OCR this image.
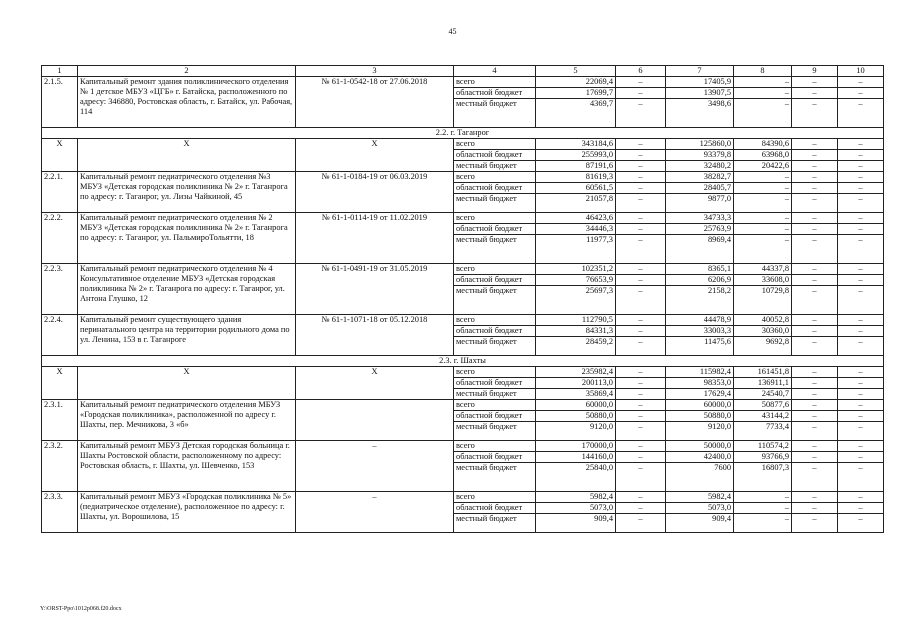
45
1	2	3	4	5	6	7	8	9	10
2.1.5.	Капитальный ремонт здания поликлинического отделения № 1 детское МБУЗ «ЦГБ» г. Батайска, расположенного по адресу: 346880, Ростовская область, г. Батайск, ул. Рабочая, 114	№ 61-1-0542-18 от 27.06.2018	всего	22069,4	–	17405,9	–	–	–
			областной бюджет	17699,7	–	13907,5	–	–	–
			местный бюджет	4369,7	–	3498,6	–	–	–
2.2. г. Таганрог									
Х	Х	Х	всего	343184,6	–	125860,0	84390,6	–	–
			областной бюджет	255993,0	–	93379,8	63968,0	–	–
			местный бюджет	87191,6	–	32480,2	20422,6	–	–
2.2.1.	Капитальный ремонт педиатрического отделения №3 МБУЗ «Детская городская поликлиника № 2» г. Таганрога по адресу: г. Таганрог, ул. Лизы Чайкиной, 45	№ 61-1-0184-19 от 06.03.2019	всего	81619,3	–	38282,7	–	–	–
			областной бюджет	60561,5	–	28405,7	–	–	–
			местный бюджет	21057,8	–	9877,0	–	–	–
2.2.2.	Капитальный ремонт педиатрического отделения № 2 МБУЗ «Детская городская поликлиника № 2» г. Таганрога по адресу: г. Таганрог, ул. ПальмироТольятти, 18	№ 61-1-0114-19 от 11.02.2019	всего	46423,6	–	34733,3	–	–	–
			областной бюджет	34446,3	–	25763,9	–	–	–
			местный бюджет	11977,3	–	8969,4	–	–	–
2.2.3.	Капитальный ремонт педиатрического отделения № 4 Консультативное отделение МБУЗ «Детская городская поликлиника № 2» г. Таганрога по адресу: г. Таганрог, ул. Антона Глушко, 12	№ 61-1-0491-19 от 31.05.2019	всего	102351,2	–	8365,1	44337,8	–	–
			областной бюджет	76653,9	–	6206,9	33608,0	–	–
			местный бюджет	25697,3	–	2158,2	10729,8	–	–
2.2.4.	Капитальный ремонт существующего здания перинатального центра на территории родильного дома по ул. Ленина, 153 в г. Таганроге	№ 61-1-1071-18 от 05.12.2018	всего	112790,5	–	44478,9	40052,8	–	–
			областной бюджет	84331,3	–	33003,3	30360,0	–	–
			местный бюджет	28459,2	–	11475,6	9692,8	–	–
2.3. г. Шахты									
Х	Х	Х	всего	235982,4	–	115982,4	161451,8	–	–
			областной бюджет	200113,0	–	98353,0	136911,1	–	–
			местный бюджет	35869,4	–	17629,4	24540,7	–	–
2.3.1.	Капитальный ремонт педиатрического отделения МБУЗ «Городская поликлиника», расположенной по адресу г. Шахты, пер. Мечникова, 3 «б»		всего	60000,0	–	60000,0	50877,6	–	–
			областной бюджет	50880,0	–	50880,0	43144,2	–	–
			местный бюджет	9120,0	–	9120,0	7733,4	–	–
2.3.2.	Капитальный ремонт МБУЗ Детская городская больница г. Шахты Ростовской области, расположенному по адресу: Ростовская область, г. Шахты, ул. Шевченко, 153	–	всего	170000,0	–	50000,0	110574,2	–	–
			областной бюджет	144160,0	–	42400,0	93766,9	–	–
			местный бюджет	25840,0	–	7600	16807,3	–	–
2.3.3.	Капитальный ремонт МБУЗ «Городская поликлиника № 5» (педиатрическое отделение), расположенное по адресу: г. Шахты, ул. Ворошилова, 15	–	всего	5982,4	–	5982,4	–	–	–
			областной бюджет	5073,0	–	5073,0	–	–	–
			местный бюджет	909,4	–	909,4	–	–	–
Y:\ORST-Ppo\1012p068.f20.docx
